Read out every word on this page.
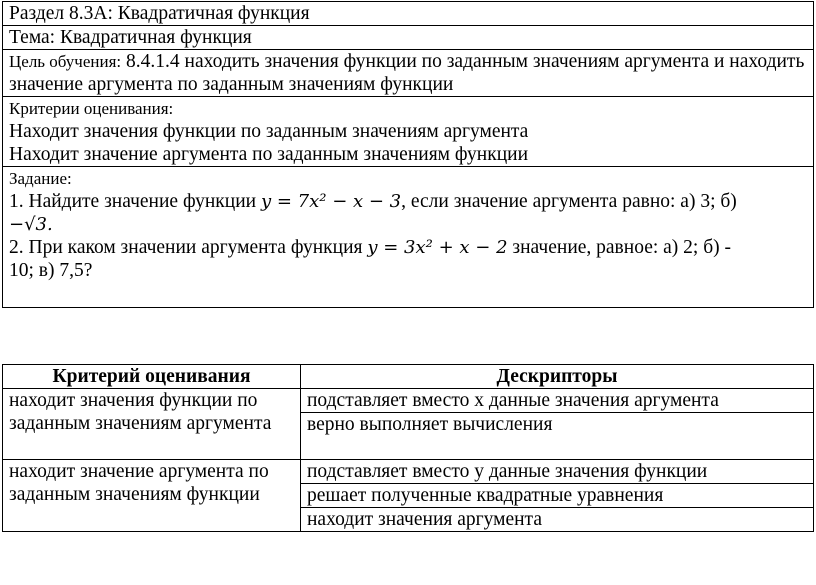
Раздел 8.3А: Квадратичная функция
Тема: Квадратичная функция
Цель обучения: 8.4.1.4 находить значения функции по заданным значениям аргумента и находить значение аргумента по заданным значениям функции

Критерии оценивания:
Находит значения функции по заданным значениям аргумента
Находит значение аргумента по заданным значениям функции

Задание:
1. Найдите значение функции y = 7x² − x − 3, если значение аргумента равно: а) 3; б)
−√3.
2. При каком значении аргумента функция y = 3x² + x − 2 значение, равное: а) 2; б) -
10; в) 7,5?
Критерий оценивания	Дескрипторы
находит значения функции по заданным значениям аргумента	подставляет вместо x данные значения аргумента
	верно выполняет вычисления
находит значение аргумента по заданным значениям функции	подставляет вместо y данные значения функции
	решает полученные квадратные уравнения
	находит значения аргумента
